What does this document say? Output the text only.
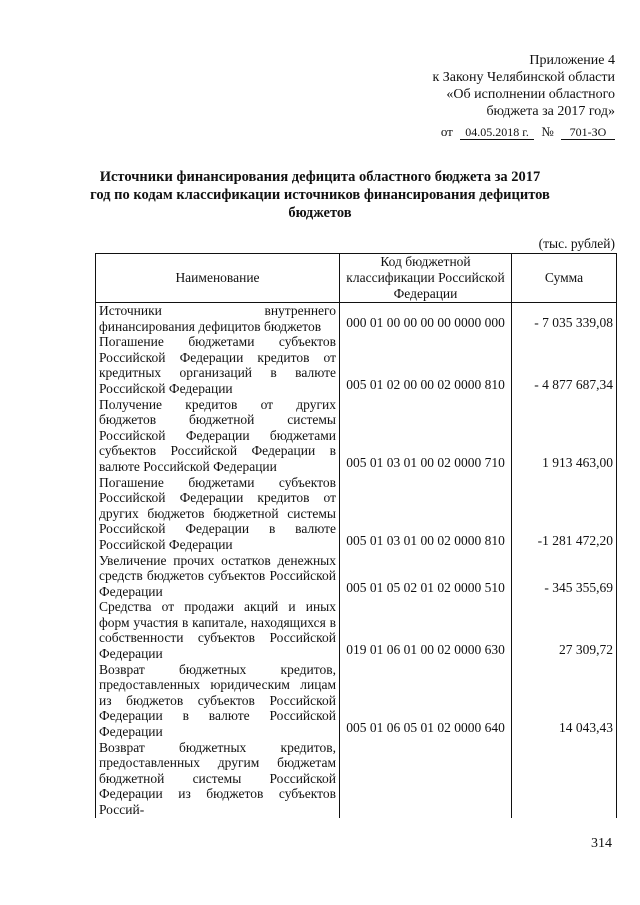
Приложение 4
к Закону Челябинской области
«Об исполнении областного
бюджета за 2017 год»
от 04.05.2018 г. № 701-ЗО
Источники финансирования дефицита областного бюджета за 2017 год по кодам классификации источников финансирования дефицитов бюджетов
(тыс. рублей)
Наименование	Код бюджетной классификации Российской Федерации	Сумма
Источники внутреннего финансирования дефицитов бюджетов	000 01 00 00 00 00 0000 000	- 7 035 339,08
Погашение бюджетами субъектов Российской Федерации кредитов от кредитных организаций в валюте Российской Федерации	005 01 02 00 00 02 0000 810	- 4 877 687,34
Получение кредитов от других бюджетов бюджетной системы Российской Федерации бюджетами субъектов Российской Федерации в валюте Российской Федерации	005 01 03 01 00 02 0000 710	1 913 463,00
Погашение бюджетами субъектов Российской Федерации кредитов от других бюджетов бюджетной системы Российской Федерации в валюте Российской Федерации	005 01 03 01 00 02 0000 810	-1 281 472,20
Увеличение прочих остатков денежных средств бюджетов субъектов Российской Федерации	005 01 05 02 01 02 0000 510	- 345 355,69
Средства от продажи акций и иных форм участия в капитале, находящихся в собственности субъектов Российской Федерации	019 01 06 01 00 02 0000 630	27 309,72
Возврат бюджетных кредитов, предоставленных юридическим лицам из бюджетов субъектов Российской Федерации в валюте Российской Федерации	005 01 06 05 01 02 0000 640	14 043,43
Возврат бюджетных кредитов, предоставленных другим бюджетам бюджетной системы Российской Федерации из бюджетов субъектов Россий-		
314
